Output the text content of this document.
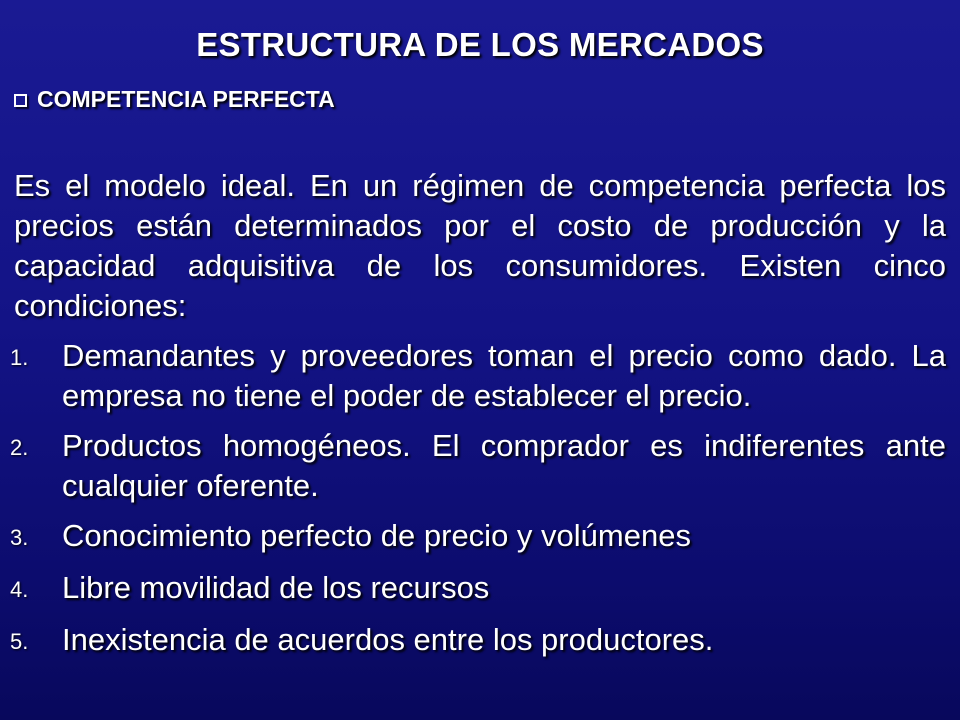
ESTRUCTURA DE LOS MERCADOS
COMPETENCIA PERFECTA
Es el modelo ideal. En un régimen de competencia perfecta los precios están determinados por el costo de producción y la capacidad adquisitiva de los consumidores. Existen cinco condiciones:
1.	Demandantes y proveedores toman el precio como dado. La empresa no tiene el poder de establecer el precio.
2.	Productos homogéneos. El comprador es indiferentes ante cualquier oferente.
3.	Conocimiento perfecto de precio y volúmenes
4.	Libre movilidad de los recursos
5.	Inexistencia de acuerdos entre los productores.
